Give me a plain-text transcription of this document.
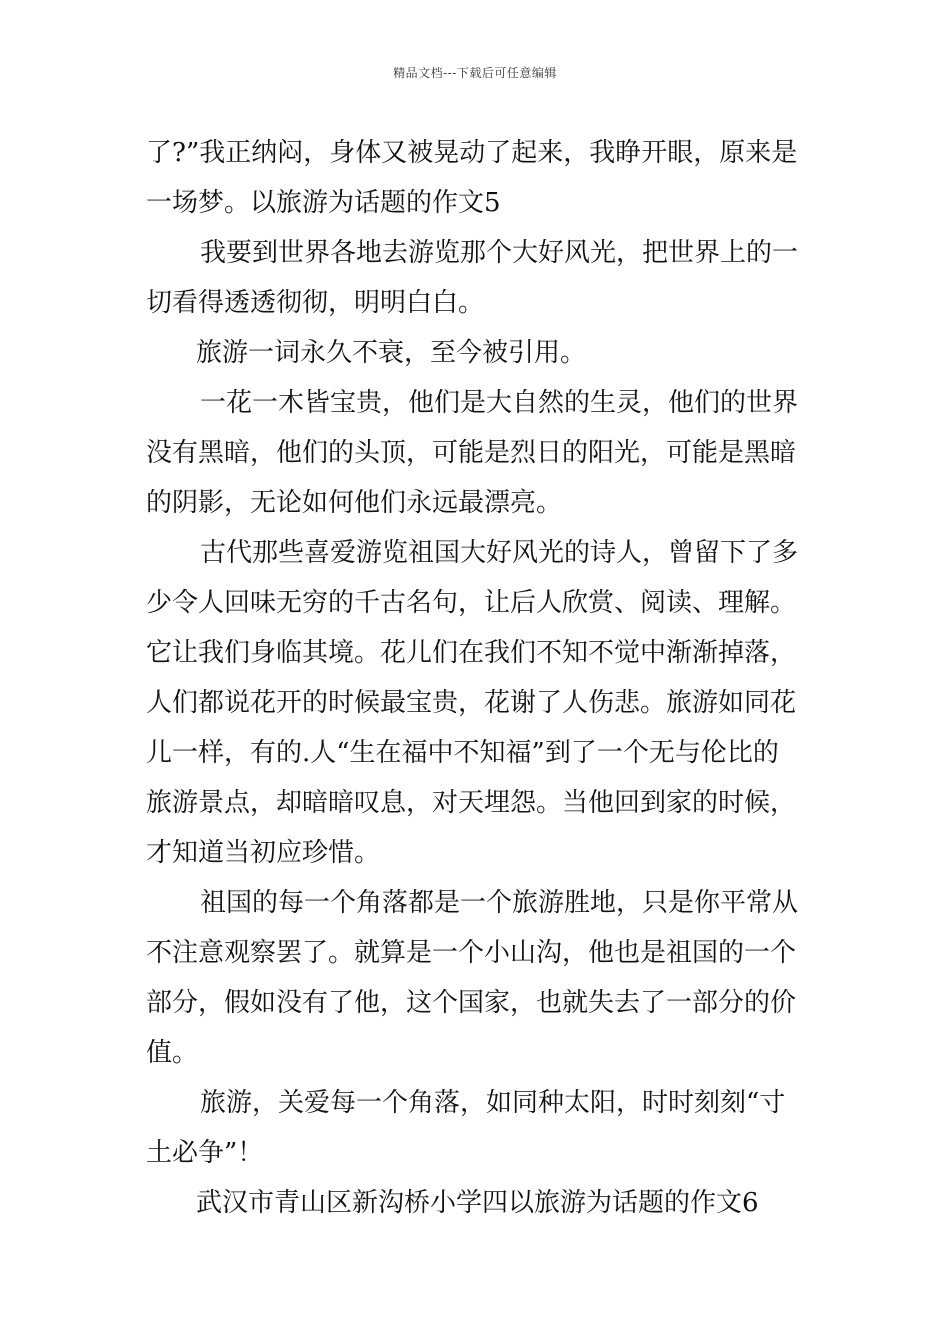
精品文档---下载后可任意编辑
了?”我正纳闷，身体又被晃动了起来，我睁开眼，原来是
一场梦。以旅游为话题的作文5
我要到世界各地去游览那个大好风光，把世界上的一
切看得透透彻彻，明明白白。
旅游一词永久不衰，至今被引用。
一花一木皆宝贵，他们是大自然的生灵，他们的世界
没有黑暗，他们的头顶，可能是烈日的阳光，可能是黑暗
的阴影，无论如何他们永远最漂亮。
古代那些喜爱游览祖国大好风光的诗人，曾留下了多
少令人回味无穷的千古名句，让后人欣赏、阅读、理解。
它让我们身临其境。花儿们在我们不知不觉中渐渐掉落，
人们都说花开的时候最宝贵，花谢了人伤悲。旅游如同花
儿一样，有的.人“生在福中不知福”到了一个无与伦比的
旅游景点，却暗暗叹息，对天埋怨。当他回到家的时候，
才知道当初应珍惜。
祖国的每一个角落都是一个旅游胜地，只是你平常从
不注意观察罢了。就算是一个小山沟，他也是祖国的一个
部分，假如没有了他，这个国家，也就失去了一部分的价
值。
旅游，关爱每一个角落，如同种太阳，时时刻刻“寸
土必争”！
武汉市青山区新沟桥小学四以旅游为话题的作文6
